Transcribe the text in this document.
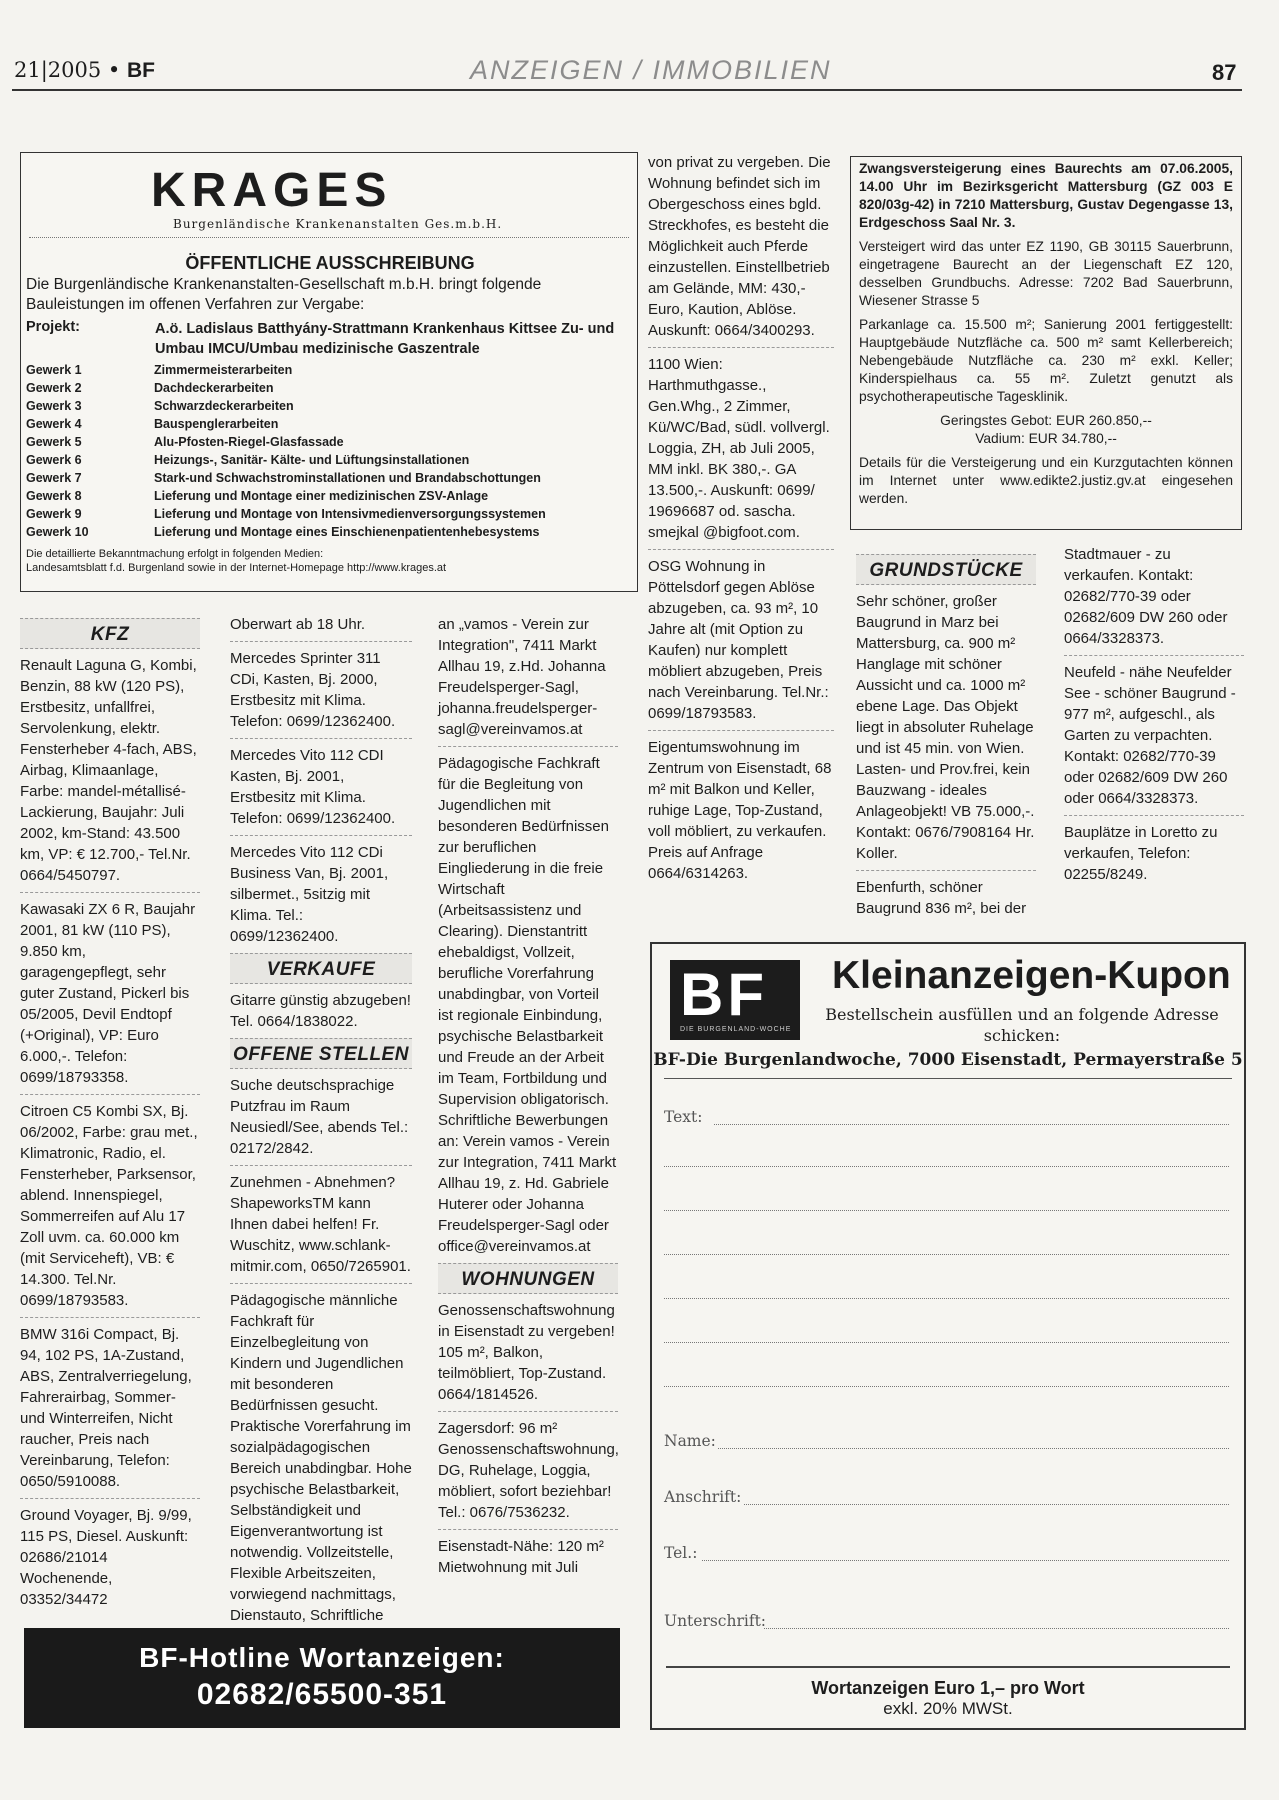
21|2005 • BF	ANZEIGEN / IMMOBILIEN	87
KRAGES
Burgenländische Krankenanstalten Ges.m.b.H.
ÖFFENTLICHE AUSSCHREIBUNG
Die Burgenländische Krankenanstalten-Gesellschaft m.b.H. bringt folgende Bauleistungen im offenen Verfahren zur Vergabe:
Projekt:	A.ö. Ladislaus Batthyány-Strattmann Krankenhaus Kittsee Zu- und Umbau IMCU/Umbau medizinische Gaszentrale
Gewerk 1	Zimmermeisterarbeiten
Gewerk 2	Dachdeckerarbeiten
Gewerk 3	Schwarzdeckerarbeiten
Gewerk 4	Bauspenglerarbeiten
Gewerk 5	Alu-Pfosten-Riegel-Glasfassade
Gewerk 6	Heizungs-, Sanitär- Kälte- und Lüftungsinstallationen
Gewerk 7	Stark-und Schwachstrominstallationen und Brandabschottungen
Gewerk 8	Lieferung und Montage einer medizinischen ZSV-Anlage
Gewerk 9	Lieferung und Montage von Intensivmedienversorgungssystemen
Gewerk 10	Lieferung und Montage eines Einschienenpatientenhebesystems
Die detaillierte Bekanntmachung erfolgt in folgenden Medien:
Landesamtsblatt f.d. Burgenland sowie in der Internet-Homepage http://www.krages.at

von privat zu vergeben. Die Wohnung befindet sich im Obergeschoss eines bgld. Streckhofes, es besteht die Möglichkeit auch Pferde einzustellen. Einstellbetrieb am Gelände, MM: 430,- Euro, Kaution, Ablöse. Auskunft: 0664/3400293.

1100 Wien: Harthmuthgasse., Gen.Whg., 2 Zimmer, Kü/WC/Bad, südl. vollvergl. Loggia, ZH, ab Juli 2005, MM inkl. BK 380,-. GA 13.500,-. Auskunft: 0699/ 19696687 od. sascha. smejkal @bigfoot.com.

OSG Wohnung in Pöttelsdorf gegen Ablöse abzugeben, ca. 93 m², 10 Jahre alt (mit Option zu Kaufen) nur komplett möbliert abzugeben, Preis nach Vereinbarung. Tel.Nr.: 0699/18793583.

Eigentumswohnung im Zentrum von Eisenstadt, 68 m² mit Balkon und Keller, ruhige Lage, Top-Zustand, voll möbliert, zu verkaufen. Preis auf Anfrage 0664/6314263.

Zwangsversteigerung eines Baurechts am 07.06.2005, 14.00 Uhr im Bezirksgericht Mattersburg (GZ 003 E 820/03g-42) in 7210 Mattersburg, Gustav Degengasse 13, Erdgeschoss Saal Nr. 3.

Versteigert wird das unter EZ 1190, GB 30115 Sauerbrunn, eingetragene Baurecht an der Liegenschaft EZ 120, desselben Grundbuchs. Adresse: 7202 Bad Sauerbrunn, Wiesener Strasse 5

Parkanlage ca. 15.500 m²; Sanierung 2001 fertiggestellt: Hauptgebäude Nutzfläche ca. 500 m² samt Kellerbereich; Nebengebäude Nutzfläche ca. 230 m² exkl. Keller; Kinderspielhaus ca. 55 m². Zuletzt genutzt als psychotherapeutische Tagesklinik.

Geringstes Gebot: EUR 260.850,--
Vadium: EUR 34.780,--

Details für die Versteigerung und ein Kurzgutachten können im Internet unter www.edikte2.justiz.gv.at eingesehen werden.

KFZ

Renault Laguna G, Kombi, Benzin, 88 kW (120 PS), Erstbesitz, unfallfrei, Servolenkung, elektr. Fensterheber 4-fach, ABS, Airbag, Klimaanlage, Farbe: mandel-métallisé-Lackierung, Baujahr: Juli 2002, km-Stand: 43.500 km, VP: € 12.700,- Tel.Nr. 0664/5450797.

Kawasaki ZX 6 R, Baujahr 2001, 81 kW (110 PS), 9.850 km, garagengepflegt, sehr guter Zustand, Pickerl bis 05/2005, Devil Endtopf (+Original), VP: Euro 6.000,-. Telefon: 0699/18793358.

Citroen C5 Kombi SX, Bj. 06/2002, Farbe: grau met., Klimatronic, Radio, el. Fensterheber, Parksensor, ablend. Innenspiegel, Sommerreifen auf Alu 17 Zoll uvm. ca. 60.000 km (mit Serviceheft), VB: € 14.300. Tel.Nr. 0699/18793583.

BMW 316i Compact, Bj. 94, 102 PS, 1A-Zustand, ABS, Zentralverriegelung, Fahrerairbag, Sommer- und Winterreifen, Nicht raucher, Preis nach Vereinbarung, Telefon: 0650/5910088.

Ground Voyager, Bj. 9/99, 115 PS, Diesel. Auskunft: 02686/21014 Wochenende, 03352/34472

Oberwart ab 18 Uhr.

Mercedes Sprinter 311 CDi, Kasten, Bj. 2000, Erstbesitz mit Klima. Telefon: 0699/12362400.

Mercedes Vito 112 CDI Kasten, Bj. 2001, Erstbesitz mit Klima. Telefon: 0699/12362400.

Mercedes Vito 112 CDi Business Van, Bj. 2001, silbermet., 5sitzig mit Klima. Tel.: 0699/12362400.

VERKAUFE

Gitarre günstig abzugeben! Tel. 0664/1838022.

OFFENE STELLEN

Suche deutschsprachige Putzfrau im Raum Neusiedl/See, abends Tel.: 02172/2842.

Zunehmen - Abnehmen? ShapeworksTM kann Ihnen dabei helfen! Fr. Wuschitz, www.schlank-mitmir.com, 0650/7265901.

Pädagogische männliche Fachkraft für Einzelbegleitung von Kindern und Jugendlichen mit besonderen Bedürfnissen gesucht. Praktische Vorerfahrung im sozialpädagogischen Bereich unabdingbar. Hohe psychische Belastbarkeit, Selbständigkeit und Eigenverantwortung ist notwendig. Vollzeitstelle, Flexible Arbeitszeiten, vorwiegend nachmittags, Dienstauto, Schriftliche

an „vamos - Verein zur Integration", 7411 Markt Allhau 19, z.Hd. Johanna Freudelsperger-Sagl, johanna.freudelsperger-sagl@vereinvamos.at

Pädagogische Fachkraft für die Begleitung von Jugendlichen mit besonderen Bedürfnissen zur beruflichen Eingliederung in die freie Wirtschaft (Arbeitsassistenz und Clearing). Dienstantritt ehebaldigst, Vollzeit, berufliche Vorerfahrung unabdingbar, von Vorteil ist regionale Einbindung, psychische Belastbarkeit und Freude an der Arbeit im Team, Fortbildung und Supervision obligatorisch. Schriftliche Bewerbungen an: Verein vamos - Verein zur Integration, 7411 Markt Allhau 19, z. Hd. Gabriele Huterer oder Johanna Freudelsperger-Sagl oder office@vereinvamos.at

WOHNUNGEN

Genossenschaftswohnung in Eisenstadt zu vergeben! 105 m², Balkon, teilmöbliert, Top-Zustand. 0664/1814526.

Zagersdorf: 96 m² Genossenschaftswohnung, DG, Ruhelage, Loggia, möbliert, sofort beziehbar! Tel.: 0676/7536232.

Eisenstadt-Nähe: 120 m² Mietwohnung mit Juli

GRUNDSTÜCKE

Sehr schöner, großer Baugrund in Marz bei Mattersburg, ca. 900 m² Hanglage mit schöner Aussicht und ca. 1000 m² ebene Lage. Das Objekt liegt in absoluter Ruhelage und ist 45 min. von Wien. Lasten- und Prov.frei, kein Bauzwang - ideales Anlageobjekt! VB 75.000,-. Kontakt: 0676/7908164 Hr. Koller.

Ebenfurth, schöner Baugrund 836 m², bei der

Stadtmauer - zu verkaufen. Kontakt: 02682/770-39 oder 02682/609 DW 260 oder 0664/3328373.

Neufeld - nähe Neufelder See - schöner Baugrund - 977 m², aufgeschl., als Garten zu verpachten. Kontakt: 02682/770-39 oder 02682/609 DW 260 oder 0664/3328373.

Bauplätze in Loretto zu verkaufen, Telefon: 02255/8249.

BF-Hotline Wortanzeigen:
02682/65500-351
BF
DIE BURGENLAND-WOCHE
Kleinanzeigen-Kupon
Bestellschein ausfüllen und an folgende Adresse schicken:
BF-Die Burgenlandwoche, 7000 Eisenstadt, Permayerstraße 5
Text:
Name:
Anschrift:
Tel.:
Unterschrift:
Wortanzeigen Euro 1,– pro Wort
exkl. 20% MWSt.
